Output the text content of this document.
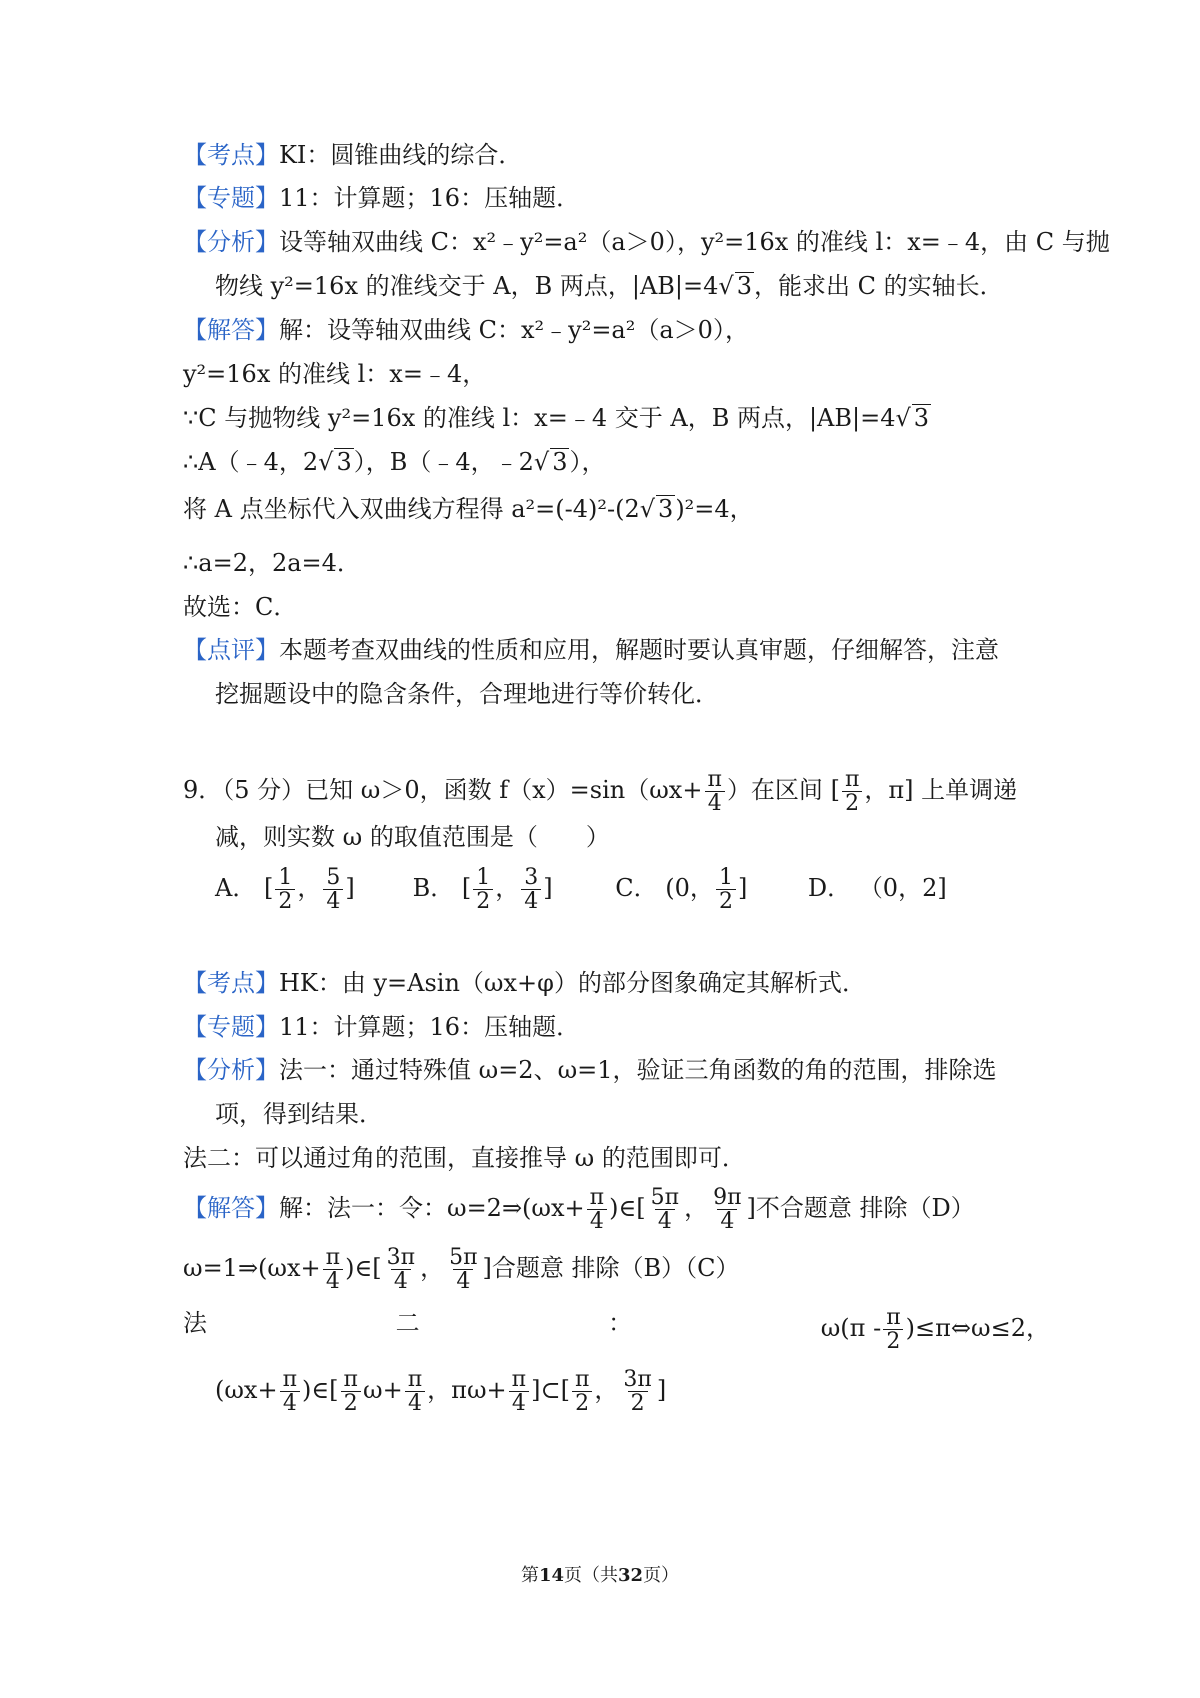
【考点】KI：圆锥曲线的综合．
【专题】11：计算题；16：压轴题．
【分析】设等轴双曲线 C：x²﹣y²=a²（a＞0），y²=16x 的准线 l：x=﹣4，由 C 与抛
物线 y²=16x 的准线交于 A，B 两点，|AB|=4√ 3，能求出 C 的实轴长．
【解答】解：设等轴双曲线 C：x²﹣y²=a²（a＞0），
y²=16x 的准线 l：x=﹣4，
∵C 与抛物线 y²=16x 的准线 l：x=﹣4 交于 A，B 两点，|AB|=4√ 3
∴A（﹣4，2√ 3），B（﹣4，﹣2√ 3），
将 A 点坐标代入双曲线方程得 a²=(-4)²-(2√ 3)²=4，
∴a=2，2a=4．
故选：C．
【点评】本题考查双曲线的性质和应用，解题时要认真审题，仔细解答，注意
挖掘题设中的隐含条件，合理地进行等价转化．
9．（5 分）已知 ω＞0，函数 $f(x)=\sin(\omega x+ \frac{\pi}{4}$ ）在区间 [ $\frac{\pi}{2}$ ，π] 上单调递
减，则实数 ω 的取值范围是（　　）
A． [ $\frac{1}{2}$ ， $\frac{5}{4}$ ] B． [ $\frac{1}{2}$ ， $\frac{3}{4}$ ]	C． (0， $\frac{1}{2}$ ]	D． （0，2]
【考点】HK：由 y=Asin（ωx+φ）的部分图象确定其解析式．
【专题】11：计算题；16：压轴题．
【分析】法一：通过特殊值 ω=2、ω=1，验证三角函数的角的范围，排除选
项，得到结果．
法二：可以通过角的范围，直接推导 ω 的范围即可．
【解答】解：法一：令：ω=2⇒(ωx+ $\frac{\pi}{4}$ )∈[ $\frac{5\pi}{4}$ ， $\frac{9\pi}{4}$ ]不合题意 排除（D）
ω=1⇒(ωx+ $\frac{\pi}{4}$ )∈[ $\frac{3\pi}{4}$ ， $\frac{5\pi}{4}$ ]合题意 排除（B）（C）
法	二	：	$\omega(\pi - \frac{\pi}{2}$ )≤π⇔ω≤2，
($\omega x+ \frac{\pi}{4}$ )∈[ $\frac{\pi}{2} \omega+ \frac{\pi}{4}$ ，$\pi\omega+ \frac{\pi}{4}$ ]⊂[ $\frac{\pi}{2}$ ， $\frac{3\pi}{2}$ ]
第14页（共32页）
